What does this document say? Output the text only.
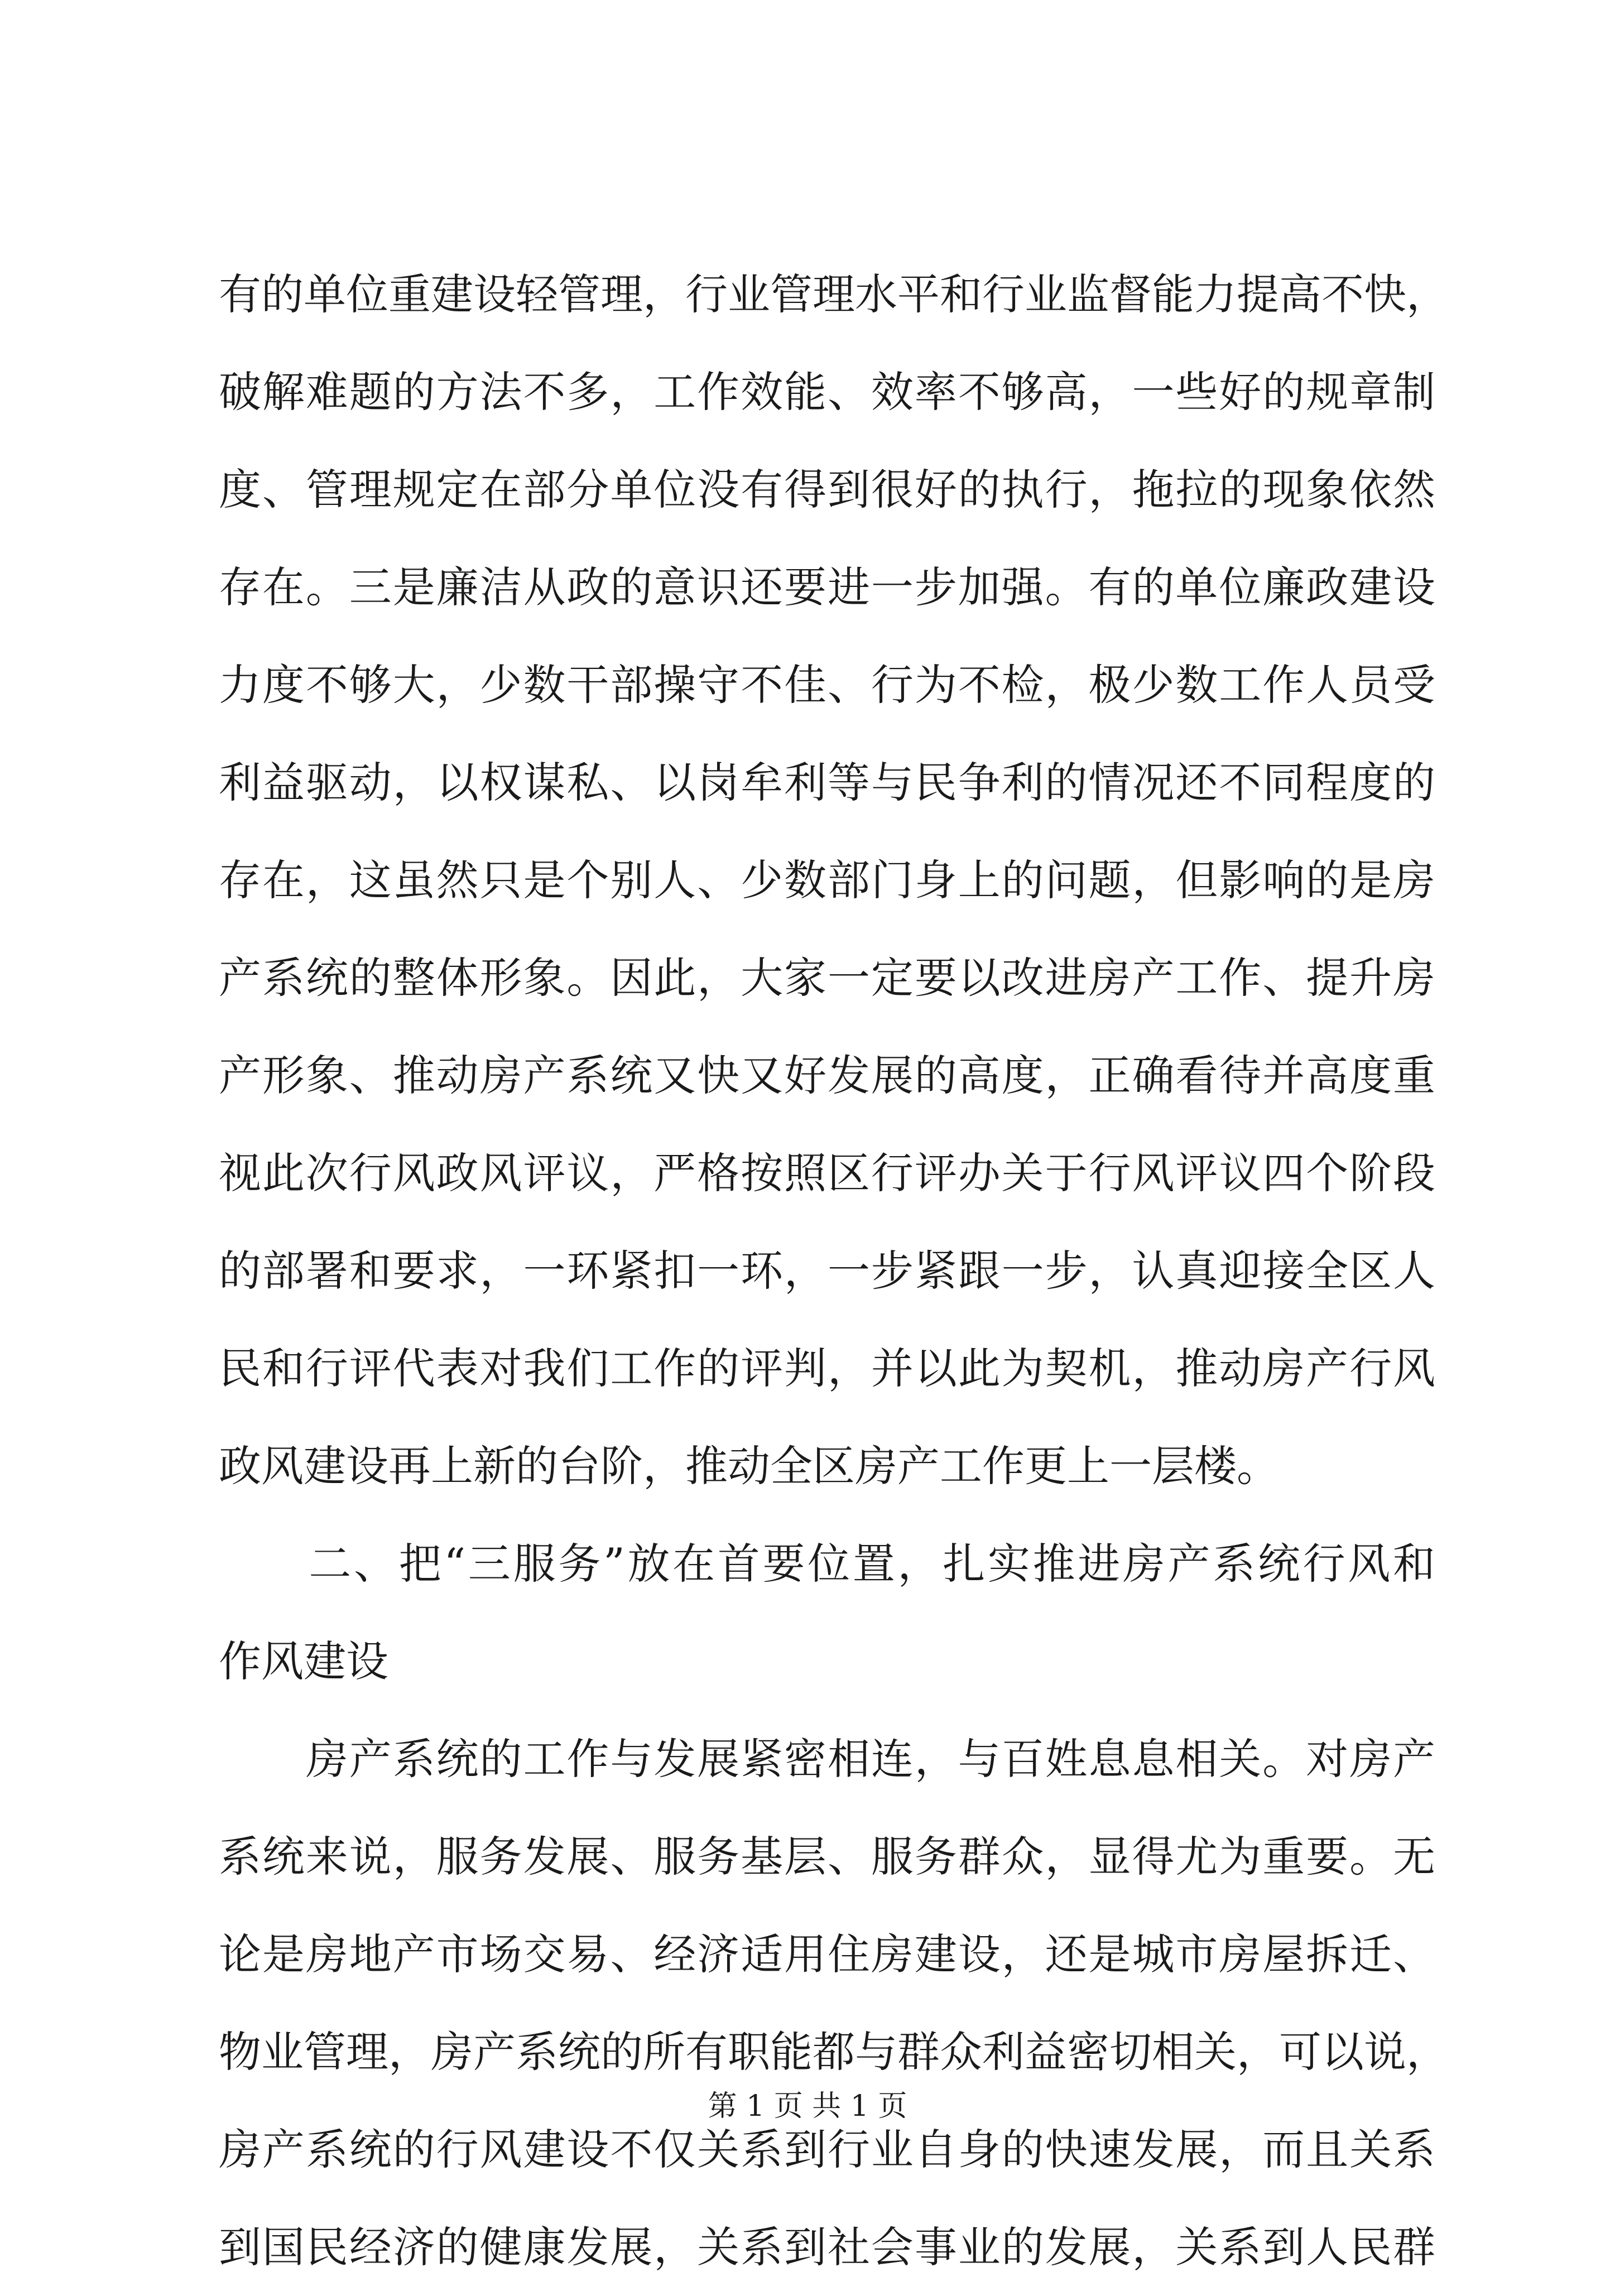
有的单位重建设轻管理，行业管理水平和行业监督能力提高不快，
破解难题的方法不多，工作效能、效率不够高，一些好的规章制
度、管理规定在部分单位没有得到很好的执行，拖拉的现象依然
存在。三是廉洁从政的意识还要进一步加强。有的单位廉政建设
力度不够大，少数干部操守不佳、行为不检，极少数工作人员受
利益驱动，以权谋私、以岗牟利等与民争利的情况还不同程度的
存在，这虽然只是个别人、少数部门身上的问题，但影响的是房
产系统的整体形象。因此，大家一定要以改进房产工作、提升房
产形象、推动房产系统又快又好发展的高度，正确看待并高度重
视此次行风政风评议，严格按照区行评办关于行风评议四个阶段
的部署和要求，一环紧扣一环，一步紧跟一步，认真迎接全区人
民和行评代表对我们工作的评判，并以此为契机，推动房产行风
政风建设再上新的台阶，推动全区房产工作更上一层楼。
　　二、把“三服务”放在首要位置，扎实推进房产系统行风和
作风建设
　　房产系统的工作与发展紧密相连，与百姓息息相关。对房产
系统来说，服务发展、服务基层、服务群众，显得尤为重要。无
论是房地产市场交易、经济适用住房建设，还是城市房屋拆迁、
物业管理，房产系统的所有职能都与群众利益密切相关，可以说，
房产系统的行风建设不仅关系到行业自身的快速发展，而且关系
到国民经济的健康发展，关系到社会事业的发展，关系到人民群
第 1 页 共 1 页
